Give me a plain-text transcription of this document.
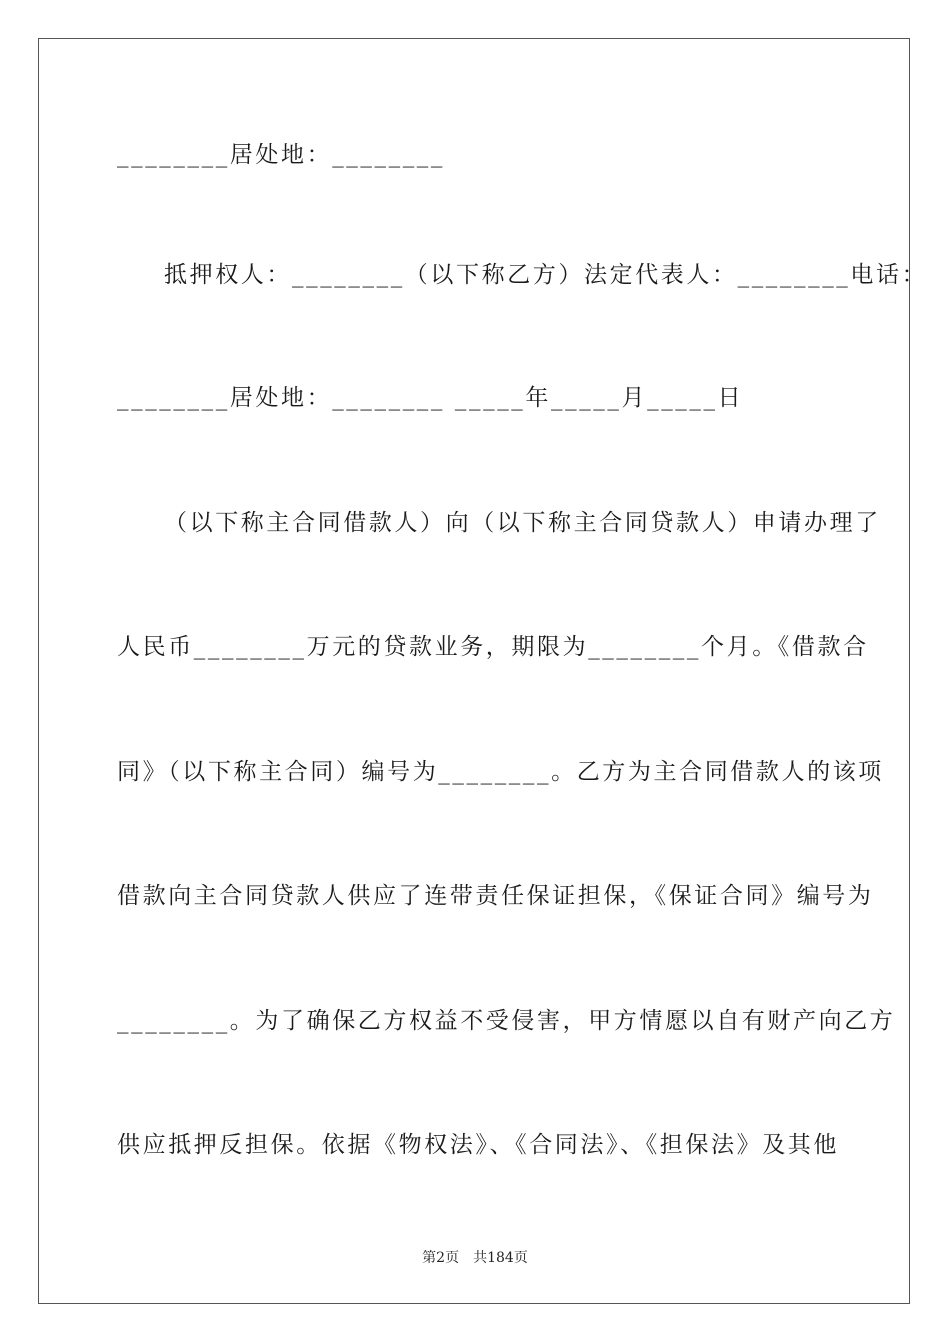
________居处地：________
抵押权人：________（以下称乙方）法定代表人：________电话：
________居处地：________ _____年_____月_____日
（以下称主合同借款人）向（以下称主合同贷款人）申请办理了
人民币________万元的贷款业务，期限为________个月。《借款合
同》（以下称主合同）编号为________。乙方为主合同借款人的该项
借款向主合同贷款人供应了连带责任保证担保，《保证合同》编号为
________。为了确保乙方权益不受侵害，甲方情愿以自有财产向乙方
供应抵押反担保。依据《物权法》、《合同法》、《担保法》及其他
第2页 共184页
